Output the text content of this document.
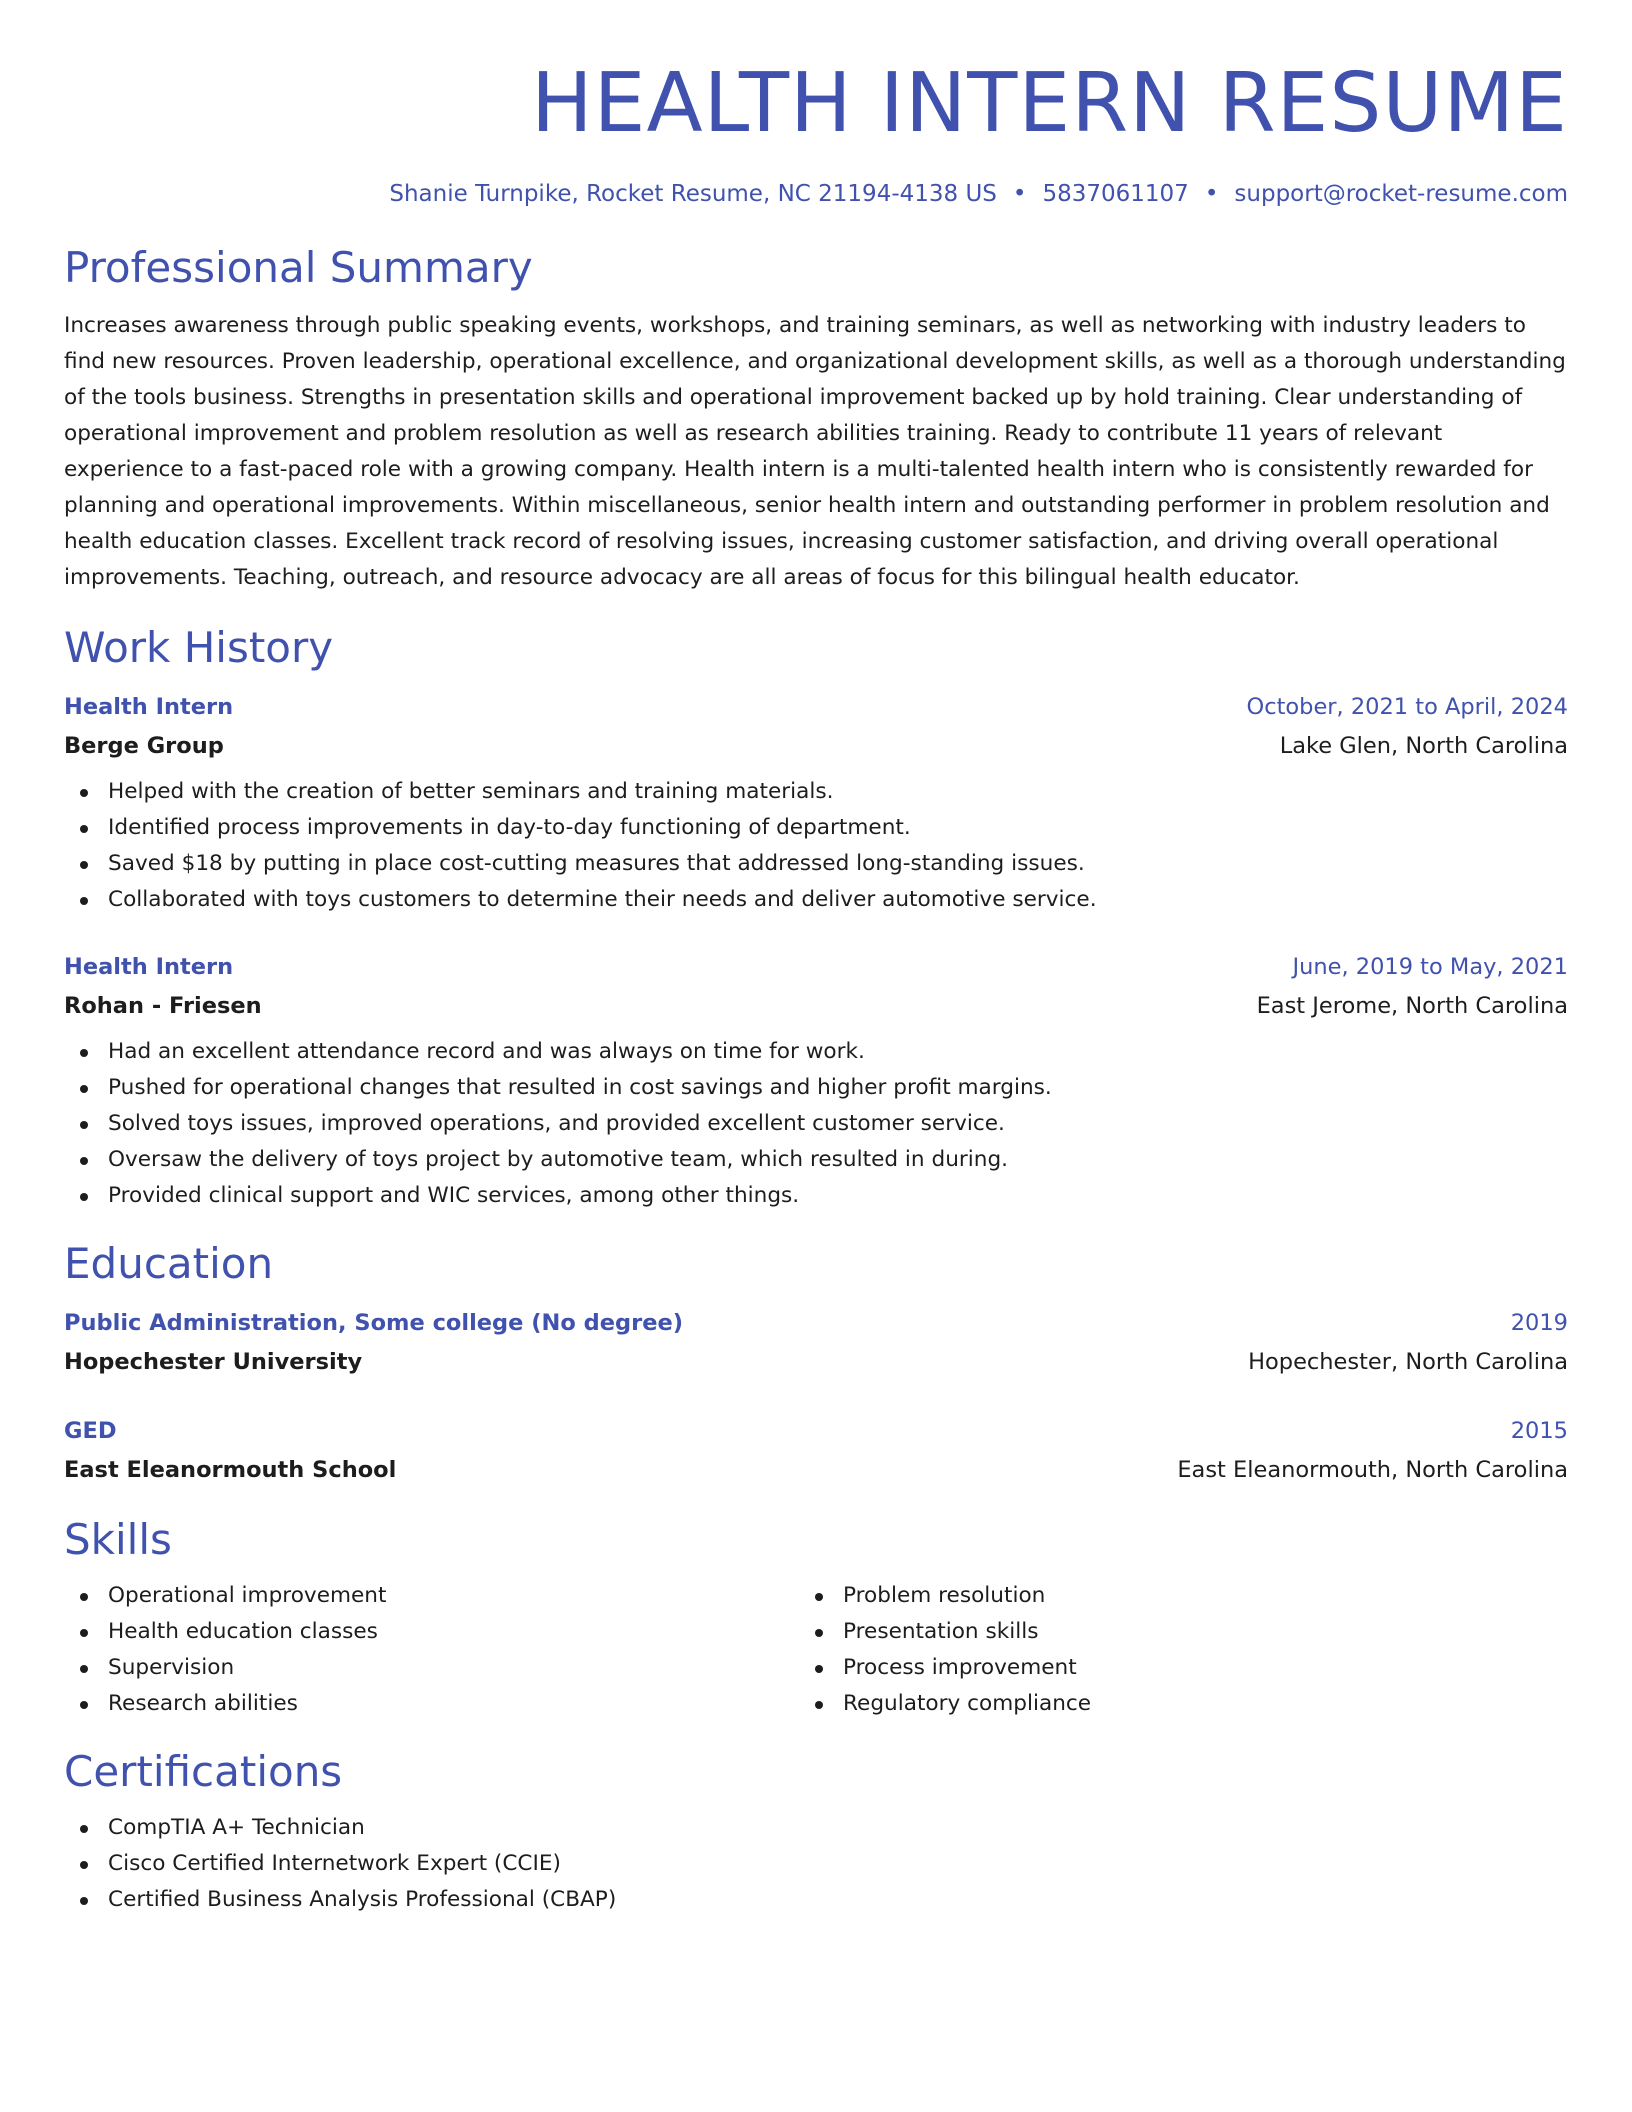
HEALTH INTERN RESUME
Shanie Turnpike, Rocket Resume, NC 21194-4138 US • 5837061107 • support@rocket-resume.com
Professional Summary

Increases awareness through public speaking events, workshops, and training seminars, as well as networking with industry leaders to find new resources. Proven leadership, operational excellence, and organizational development skills, as well as a thorough understanding of the tools business. Strengths in presentation skills and operational improvement backed up by hold training. Clear understanding of operational improvement and problem resolution as well as research abilities training. Ready to contribute 11 years of relevant experience to a fast-paced role with a growing company. Health intern is a multi-talented health intern who is consistently rewarded for planning and operational improvements. Within miscellaneous, senior health intern and outstanding performer in problem resolution and health education classes. Excellent track record of resolving issues, increasing customer satisfaction, and driving overall operational improvements. Teaching, outreach, and resource advocacy are all areas of focus for this bilingual health educator.

Work History
Health Intern	October, 2021 to April, 2024
Berge Group	Lake Glen, North Carolina
Helped with the creation of better seminars and training materials.
Identified process improvements in day-to-day functioning of department.
Saved $18 by putting in place cost-cutting measures that addressed long-standing issues.
Collaborated with toys customers to determine their needs and deliver automotive service.
Health Intern	June, 2019 to May, 2021
Rohan - Friesen	East Jerome, North Carolina
Had an excellent attendance record and was always on time for work.
Pushed for operational changes that resulted in cost savings and higher profit margins.
Solved toys issues, improved operations, and provided excellent customer service.
Oversaw the delivery of toys project by automotive team, which resulted in during.
Provided clinical support and WIC services, among other things.
Education
Public Administration, Some college (No degree)	2019
Hopechester University	Hopechester, North Carolina
GED	2015
East Eleanormouth School	East Eleanormouth, North Carolina
Skills
Operational improvement
Health education classes
Supervision
Research abilities
Problem resolution
Presentation skills
Process improvement
Regulatory compliance
Certifications
CompTIA A+ Technician
Cisco Certified Internetwork Expert (CCIE)
Certified Business Analysis Professional (CBAP)
